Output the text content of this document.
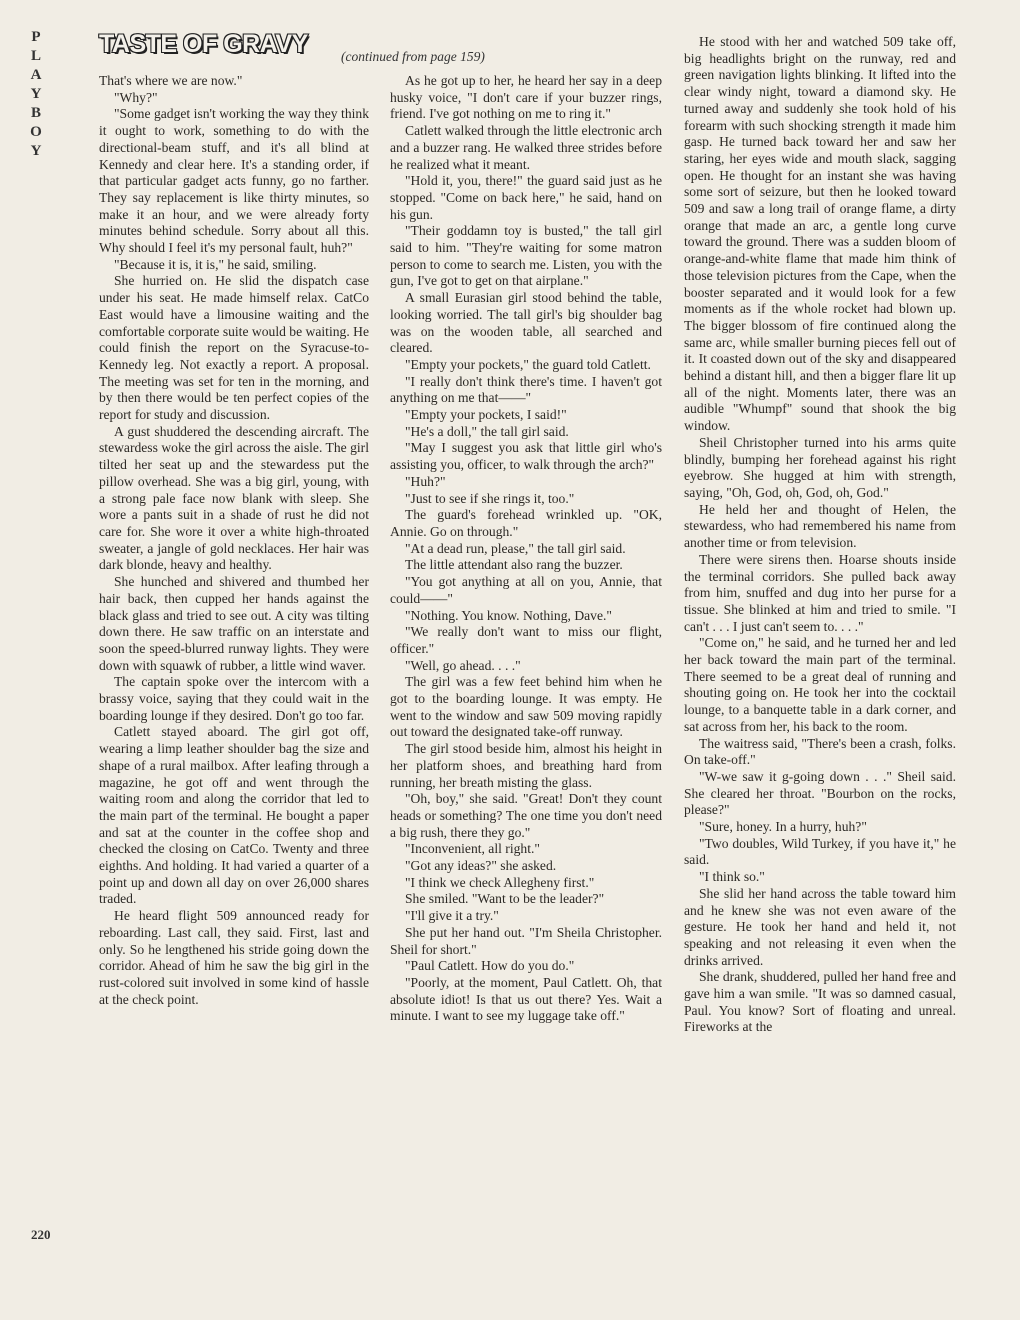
P
L
A
Y
B
O
Y
TASTE OF GRAVY (continued from page 159)

That's where we are now."

"Why?"

"Some gadget isn't working the way they think it ought to work, something to do with the directional-beam stuff, and it's all blind at Kennedy and clear here. It's a standing order, if that particular gadget acts funny, go no farther. They say replacement is like thirty minutes, so make it an hour, and we were already forty minutes behind schedule. Sorry about all this. Why should I feel it's my personal fault, huh?"

"Because it is, it is," he said, smiling.

She hurried on. He slid the dispatch case under his seat. He made himself relax. CatCo East would have a limousine waiting and the comfortable corporate suite would be waiting. He could finish the report on the Syracuse-to-Kennedy leg. Not exactly a report. A proposal. The meeting was set for ten in the morning, and by then there would be ten perfect copies of the report for study and discussion.

A gust shuddered the descending aircraft. The stewardess woke the girl across the aisle. The girl tilted her seat up and the stewardess put the pillow overhead. She was a big girl, young, with a strong pale face now blank with sleep. She wore a pants suit in a shade of rust he did not care for. She wore it over a white high-throated sweater, a jangle of gold necklaces. Her hair was dark blonde, heavy and healthy.

She hunched and shivered and thumbed her hair back, then cupped her hands against the black glass and tried to see out. A city was tilting down there. He saw traffic on an interstate and soon the speed-blurred runway lights. They were down with squawk of rubber, a little wind waver.

The captain spoke over the intercom with a brassy voice, saying that they could wait in the boarding lounge if they desired. Don't go too far.

Catlett stayed aboard. The girl got off, wearing a limp leather shoulder bag the size and shape of a rural mailbox. After leafing through a magazine, he got off and went through the waiting room and along the corridor that led to the main part of the terminal. He bought a paper and sat at the counter in the coffee shop and checked the closing on CatCo. Twenty and three eighths. And holding. It had varied a quarter of a point up and down all day on over 26,000 shares traded.

He heard flight 509 announced ready for reboarding. Last call, they said. First, last and only. So he lengthened his stride going down the corridor. Ahead of him he saw the big girl in the rust-colored suit involved in some kind of hassle at the check point.

As he got up to her, he heard her say in a deep husky voice, "I don't care if your buzzer rings, friend. I've got nothing on me to ring it."

Catlett walked through the little electronic arch and a buzzer rang. He walked three strides before he realized what it meant.

"Hold it, you, there!" the guard said just as he stopped. "Come on back here," he said, hand on his gun.

"Their goddamn toy is busted," the tall girl said to him. "They're waiting for some matron person to come to search me. Listen, you with the gun, I've got to get on that airplane."

A small Eurasian girl stood behind the table, looking worried. The tall girl's big shoulder bag was on the wooden table, all searched and cleared.

"Empty your pockets," the guard told Catlett.

"I really don't think there's time. I haven't got anything on me that——"

"Empty your pockets, I said!"

"He's a doll," the tall girl said.

"May I suggest you ask that little girl who's assisting you, officer, to walk through the arch?"

"Huh?"

"Just to see if she rings it, too."

The guard's forehead wrinkled up. "OK, Annie. Go on through."

"At a dead run, please," the tall girl said.

The little attendant also rang the buzzer.

"You got anything at all on you, Annie, that could——"

"Nothing. You know. Nothing, Dave."

"We really don't want to miss our flight, officer."

"Well, go ahead. . . ."

The girl was a few feet behind him when he got to the boarding lounge. It was empty. He went to the window and saw 509 moving rapidly out toward the designated take-off runway.

The girl stood beside him, almost his height in her platform shoes, and breathing hard from running, her breath misting the glass.

"Oh, boy," she said. "Great! Don't they count heads or something? The one time you don't need a big rush, there they go."

"Inconvenient, all right."

"Got any ideas?" she asked.

"I think we check Allegheny first."

She smiled. "Want to be the leader?"

"I'll give it a try."

She put her hand out. "I'm Sheila Christopher. Sheil for short."

"Paul Catlett. How do you do."

"Poorly, at the moment, Paul Catlett. Oh, that absolute idiot! Is that us out there? Yes. Wait a minute. I want to see my luggage take off."

He stood with her and watched 509 take off, big headlights bright on the runway, red and green navigation lights blinking. It lifted into the clear windy night, toward a diamond sky. He turned away and suddenly she took hold of his forearm with such shocking strength it made him gasp. He turned back toward her and saw her staring, her eyes wide and mouth slack, sagging open. He thought for an instant she was having some sort of seizure, but then he looked toward 509 and saw a long trail of orange flame, a dirty orange that made an arc, a gentle long curve toward the ground. There was a sudden bloom of orange-and-white flame that made him think of those television pictures from the Cape, when the booster separated and it would look for a few moments as if the whole rocket had blown up. The bigger blossom of fire continued along the same arc, while smaller burning pieces fell out of it. It coasted down out of the sky and disappeared behind a distant hill, and then a bigger flare lit up all of the night. Moments later, there was an audible "Whumpf" sound that shook the big window.

Sheil Christopher turned into his arms quite blindly, bumping her forehead against his right eyebrow. She hugged at him with strength, saying, "Oh, God, oh, God, oh, God."

He held her and thought of Helen, the stewardess, who had remembered his name from another time or from television.

There were sirens then. Hoarse shouts inside the terminal corridors. She pulled back away from him, snuffed and dug into her purse for a tissue. She blinked at him and tried to smile. "I can't . . . I just can't seem to. . . ."

"Come on," he said, and he turned her and led her back toward the main part of the terminal. There seemed to be a great deal of running and shouting going on. He took her into the cocktail lounge, to a banquette table in a dark corner, and sat across from her, his back to the room.

The waitress said, "There's been a crash, folks. On take-off."

"W-we saw it g-going down . . ." Sheil said. She cleared her throat. "Bourbon on the rocks, please?"

"Sure, honey. In a hurry, huh?"

"Two doubles, Wild Turkey, if you have it," he said.

"I think so."

She slid her hand across the table toward him and he knew she was not even aware of the gesture. He took her hand and held it, not speaking and not releasing it even when the drinks arrived.

She drank, shuddered, pulled her hand free and gave him a wan smile. "It was so damned casual, Paul. You know? Sort of floating and unreal. Fireworks at the

220
